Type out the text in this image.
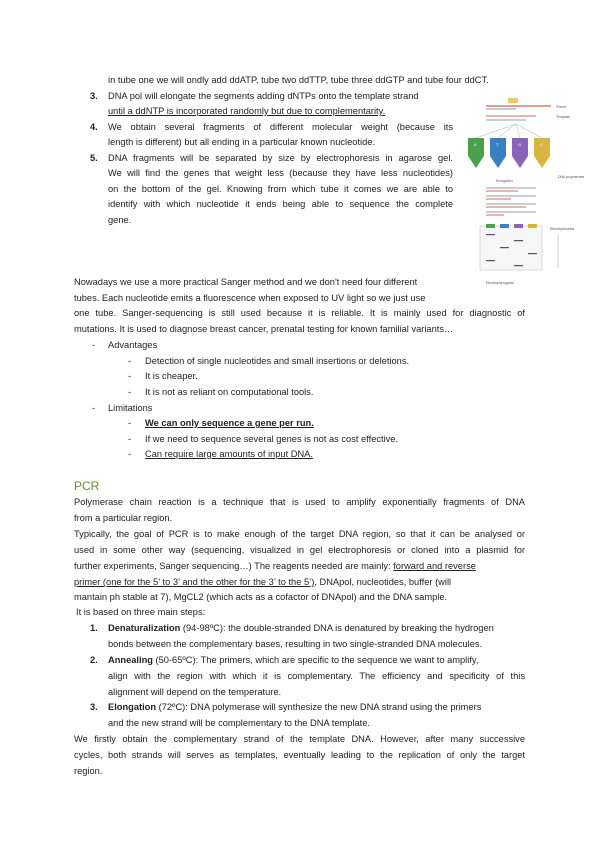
in tube one we will ondly add ddATP, tube two ddTTP, tube three ddGTP and tube four ddCT.
3. DNA pol will elongate the segments adding dNTPs onto the template strand
until a ddNTP is incorporated randomly but due to complementarity.
4. We obtain several fragments of different molecular weight (because its
length is different) but all ending in a particular known nucleotide.
5. DNA fragments will be separated by size by electrophoresis in agarose gel.
We will find the genes that weight less (because they have less nucleotides)
on the bottom of the gel. Knowing from which tube it comes we are able to
identify with which nucleotide it ends being able to sequence the complete
gene.
Primer
Template
A	T	G	C
DNA polymerase
Elongation
Electrophoresis
Electropherogram
Nowadays we use a more practical Sanger method and we don't need four different
tubes. Each nucleotide emits a fluorescence when exposed to UV light so we just use
one tube. Sanger-sequencing is still used because it is reliable. It is mainly used for diagnostic of
mutations. It is used to diagnose breast cancer, prenatal testing for known familial variants…
- Advantages
- Detection of single nucleotides and small insertions or deletions.
- It is cheaper.
- It is not as reliant on computational tools.
- Limitations
- We can only sequence a gene per run.
- If we need to sequence several genes is not as cost effective.
- Can require large amounts of input DNA.
PCR
Polymerase chain reaction is a technique that is used to amplify exponentially fragments of DNA
from a particular region.
Typically, the goal of PCR is to make enough of the target DNA region, so that it can be analysed or
used in some other way (sequencing, visualized in gel electrophoresis or cloned into a plasmid for
further experiments, Sanger sequencing…) The reagents needed are mainly: forward and reverse
primer (one for the 5’ to 3’ and the other for the 3’ to the 5’), DNApol, nucleotides, buffer (will
mantain ph stable at 7), MgCL2 (which acts as a cofactor of DNApol) and the DNA sample.
It is based on three main steps:
1. Denaturalization (94-98ºC): the double-stranded DNA is denatured by breaking the hydrogen
bonds between the complementary bases, resulting in two single-stranded DNA molecules.
2. Annealing (50-65ºC): The primers, which are specific to the sequence we want to amplify,
align with the region with which it is complementary. The efficiency and specificity of this
alignment will depend on the temperature.
3. Elongation (72ºC): DNA polymerase will synthesize the new DNA strand using the primers
and the new strand will be complementary to the DNA template.
We firstly obtain the complementary strand of the template DNA. However, after many successive
cycles, both strands will serves as templates, eventually leading to the replication of only the target
region.
